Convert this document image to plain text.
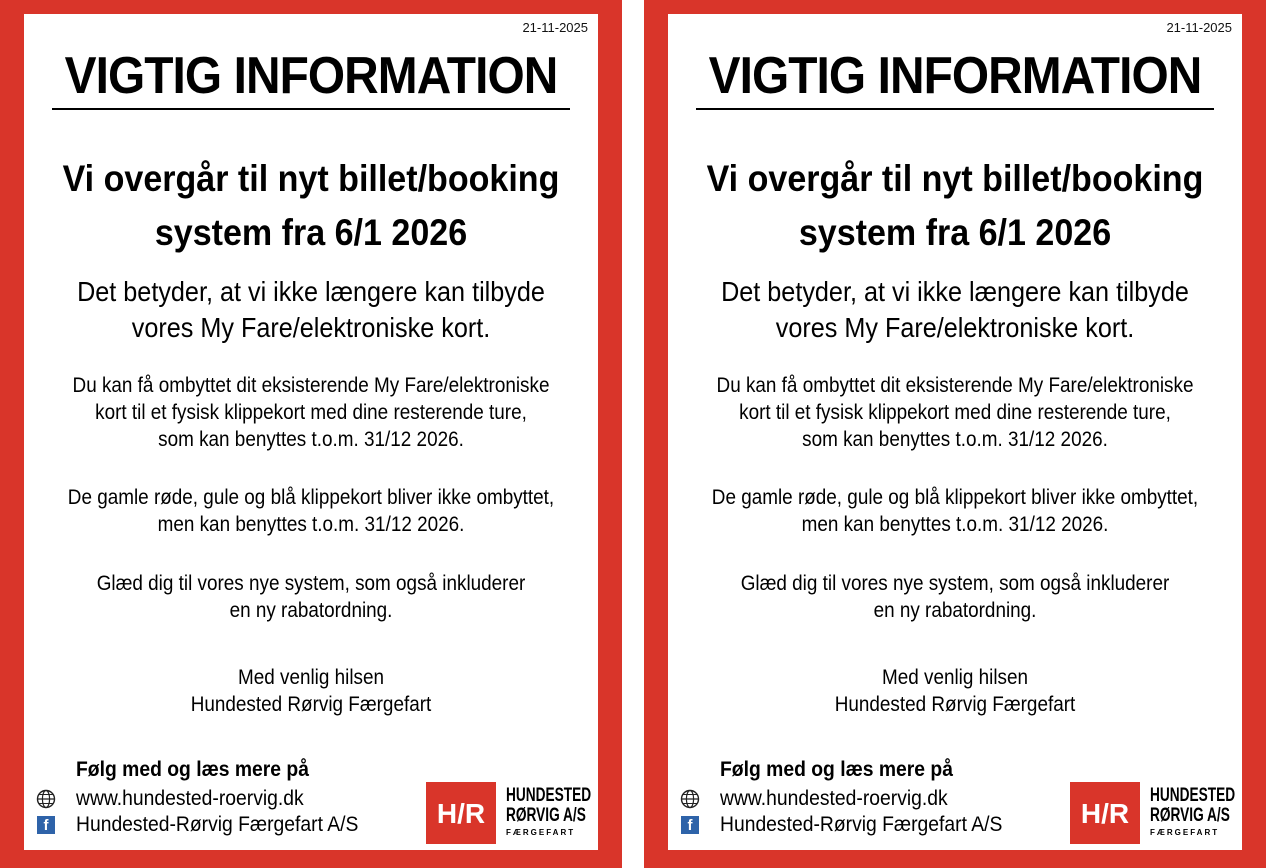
21-11-2025
VIGTIG INFORMATION
Vi overgår til nyt billet/booking
system fra 6/1 2026
Det betyder, at vi ikke længere kan tilbyde
vores My Fare/elektroniske kort.
Du kan få ombyttet dit eksisterende My Fare/elektroniske
kort til et fysisk klippekort med dine resterende ture,
som kan benyttes t.o.m. 31/12 2026.
De gamle røde, gule og blå klippekort bliver ikke ombyttet,
men kan benyttes t.o.m. 31/12 2026.
Glæd dig til vores nye system, som også inkluderer
en ny rabatordning.
Med venlig hilsen
Hundested Rørvig Færgefart
Følg med og læs mere på
www.hundested-roervig.dk
f	Hundested-Rørvig Færgefart A/S	H/R
HUNDESTED
RØRVIG A/S
FÆRGEFART
21-11-2025
VIGTIG INFORMATION
Vi overgår til nyt billet/booking
system fra 6/1 2026
Det betyder, at vi ikke længere kan tilbyde
vores My Fare/elektroniske kort.
Du kan få ombyttet dit eksisterende My Fare/elektroniske
kort til et fysisk klippekort med dine resterende ture,
som kan benyttes t.o.m. 31/12 2026.
De gamle røde, gule og blå klippekort bliver ikke ombyttet,
men kan benyttes t.o.m. 31/12 2026.
Glæd dig til vores nye system, som også inkluderer
en ny rabatordning.
Med venlig hilsen
Hundested Rørvig Færgefart
Følg med og læs mere på
www.hundested-roervig.dk
f	Hundested-Rørvig Færgefart A/S	H/R
HUNDESTED
RØRVIG A/S
FÆRGEFART
